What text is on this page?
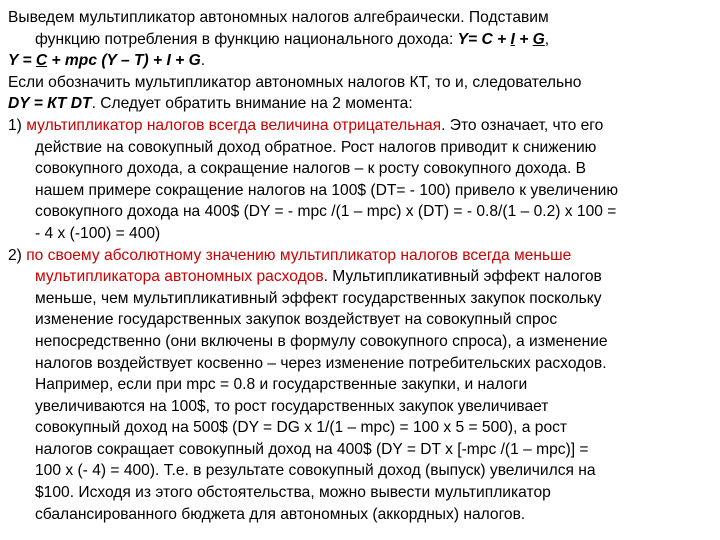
Выведем мультипликатор автономных налогов алгебраически. Подставим
функцию потребления в функцию национального дохода: Y= C + I + G,
Y = C + mpc (Y – T) + I + G.
Если обозначить мультипликатор автономных налогов КТ, то и, следовательно
DY = КТ DT. Следует обратить внимание на 2 момента:
1) мультипликатор налогов всегда величина отрицательная. Это означает, что его
действие на совокупный доход обратное. Рост налогов приводит к снижению
совокупного дохода, а сокращение налогов – к росту совокупного дохода. В
нашем примере сокращение налогов на 100$ (DT= - 100) привело к увеличению
совокупного дохода на 400$ (DY = - mpc /(1 – mpc) x (DT) = - 0.8/(1 – 0.2) x 100 =
- 4 x (-100) = 400)
2) по своему абсолютному значению мультипликатор налогов всегда меньше
мультипликатора автономных расходов. Мультипликативный эффект налогов
меньше, чем мультипликативный эффект государственных закупок поскольку
изменение государственных закупок воздействует на совокупный спрос
непосредственно (они включены в формулу совокупного спроса), а изменение
налогов воздействует косвенно – через изменение потребительских расходов.
Например, если при mpc = 0.8 и государственные закупки, и налоги
увеличиваются на 100$, то рост государственных закупок увеличивает
совокупный доход на 500$ (DY = DG x 1/(1 – mpc) = 100 x 5 = 500), а рост
налогов сокращает совокупный доход на 400$ (DY = DT x [-mpc /(1 – mpc)] =
100 x (- 4) = 400). Т.е. в результате совокупный доход (выпуск) увеличился на
$100. Исходя из этого обстоятельства, можно вывести мультипликатор
сбалансированного бюджета для автономных (аккордных) налогов.
